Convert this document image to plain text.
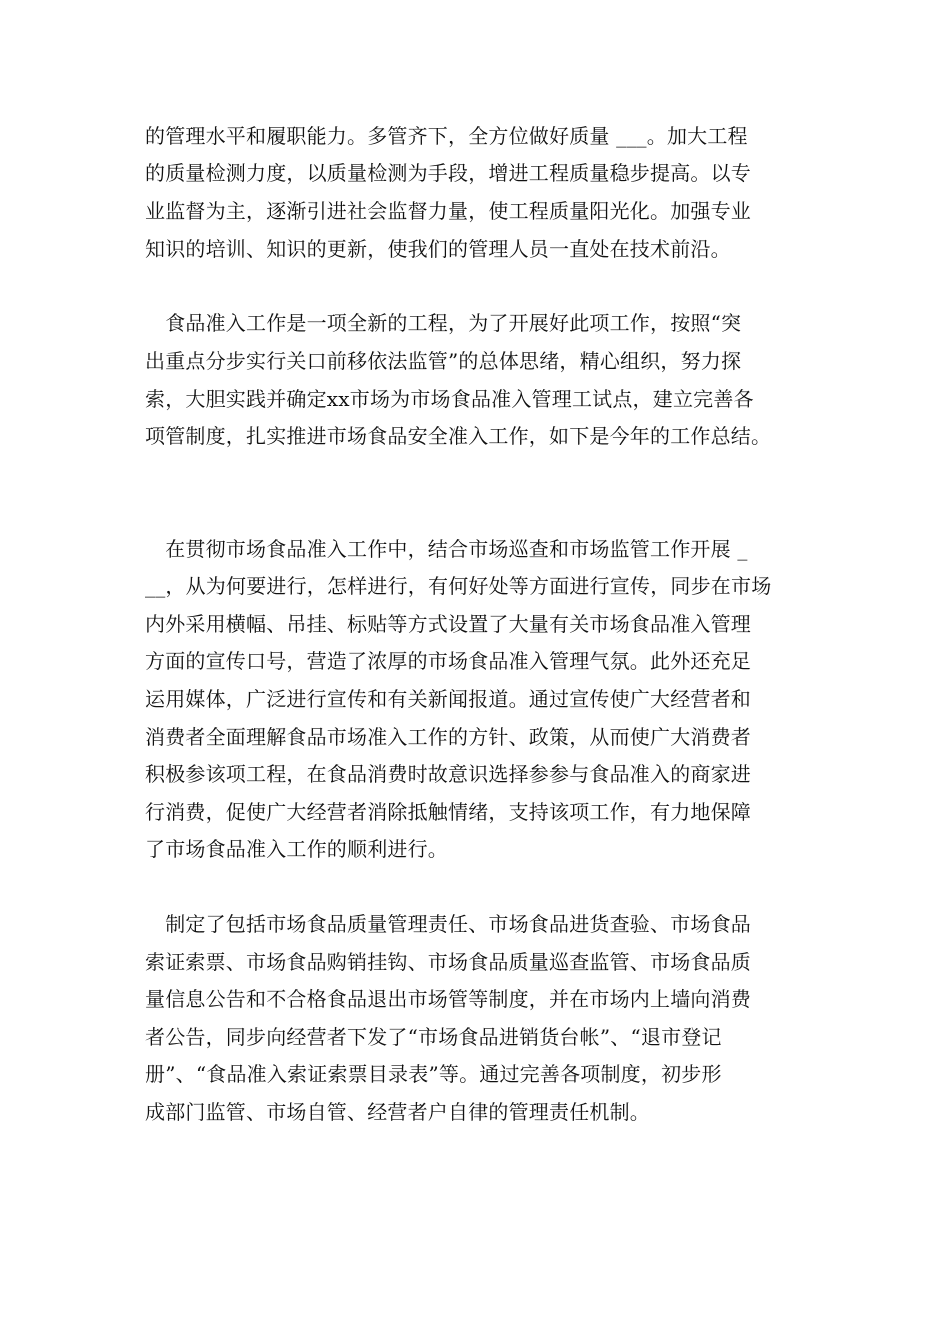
的管理水平和履职能力。多管齐下，全方位做好质量 ___。加大工程
的质量检测力度，以质量检测为手段，增进工程质量稳步提高。以专
业监督为主，逐渐引进社会监督力量，使工程质量阳光化。加强专业
知识的培训、知识的更新，使我们的管理人员一直处在技术前沿。
　食品准入工作是一项全新的工程，为了开展好此项工作，按照“突
出重点分步实行关口前移依法监管”的总体思绪，精心组织，努力探
索，大胆实践并确定xx市场为市场食品准入管理工试点，建立完善各
项管制度，扎实推进市场食品安全准入工作，如下是今年的工作总结。
　在贯彻市场食品准入工作中，结合市场巡查和市场监管工作开展 _
__，从为何要进行，怎样进行，有何好处等方面进行宣传，同步在市场
内外采用横幅、吊挂、标贴等方式设置了大量有关市场食品准入管理
方面的宣传口号，营造了浓厚的市场食品准入管理气氛。此外还充足
运用媒体，广泛进行宣传和有关新闻报道。通过宣传使广大经营者和
消费者全面理解食品市场准入工作的方针、政策，从而使广大消费者
积极参该项工程，在食品消费时故意识选择参参与食品准入的商家进
行消费，促使广大经营者消除抵触情绪，支持该项工作，有力地保障
了市场食品准入工作的顺利进行。
　制定了包括市场食品质量管理责任、市场食品进货查验、市场食品
索证索票、市场食品购销挂钩、市场食品质量巡查监管、市场食品质
量信息公告和不合格食品退出市场管等制度，并在市场内上墙向消费
者公告，同步向经营者下发了“市场食品进销货台帐”、“退市登记
册”、“食品准入索证索票目录表”等。通过完善各项制度，初步形
成部门监管、市场自管、经营者户自律的管理责任机制。
